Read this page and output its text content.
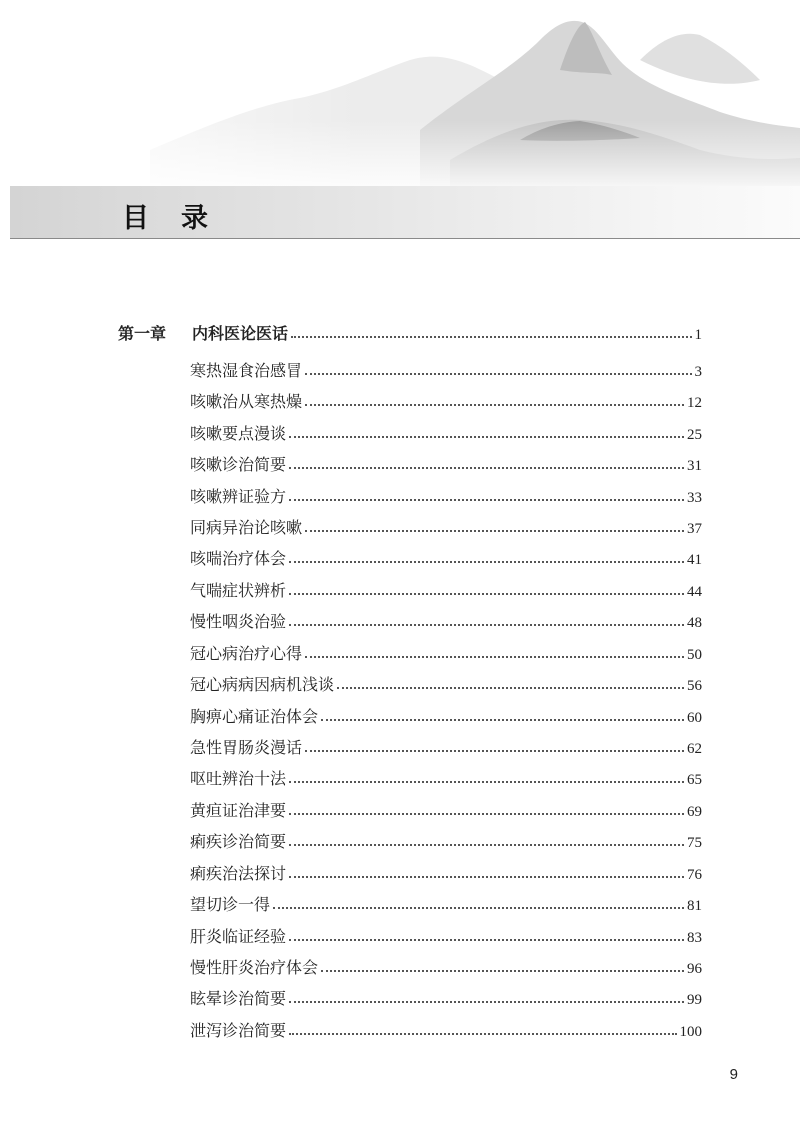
目录
第一章	内科医论医话	1
寒热湿食治感冒	3
咳嗽治从寒热燥	12
咳嗽要点漫谈	25
咳嗽诊治简要	31
咳嗽辨证验方	33
同病异治论咳嗽	37
咳喘治疗体会	41
气喘症状辨析	44
慢性咽炎治验	48
冠心病治疗心得	50
冠心病病因病机浅谈	56
胸痹心痛证治体会	60
急性胃肠炎漫话	62
呕吐辨治十法	65
黄疸证治津要	69
痢疾诊治简要	75
痢疾治法探讨	76
望切诊一得	81
肝炎临证经验	83
慢性肝炎治疗体会	96
眩晕诊治简要	99
泄泻诊治简要	100
9
